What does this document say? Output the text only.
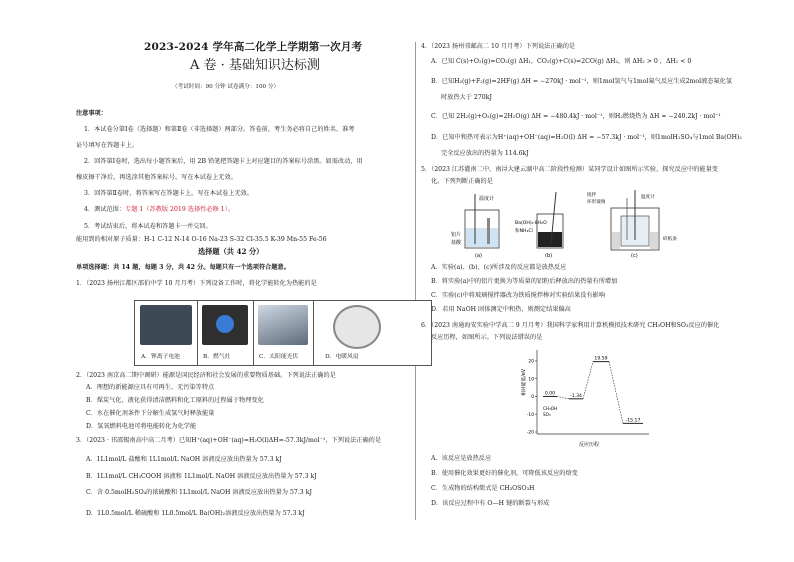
2023-2024 学年高二化学上学期第一次月考
A 卷 · 基础知识达标测
（考试时间：90 分钟 试卷满分：100 分）
注意事项：
1．本试卷分第Ⅰ卷（选择题）和第Ⅱ卷（非选择题）两部分。答卷前，考生务必将自己的姓名、准考
证号填写在答题卡上。
2．回答第Ⅰ卷时，选出每小题答案后，用 2B 铅笔把答题卡上对应题目的答案标号涂黑。如需改动，用
橡皮擦干净后，再选涂其他答案标号。写在本试卷上无效。
3．回答第Ⅱ卷时，将答案写在答题卡上。写在本试卷上无效。
4．测试范围：专题 1（苏教版 2019 选择性必修 1）。
5．考试结束后，将本试卷和答题卡一并交回。
能用到的相对原子质量：H-1 C-12 N-14 O-16 Na-23 S-32 Cl-35.5 K-39 Mn-55 Fe-56
选择题（共 42 分）
单项选择题：共 14 题，每题 3 分，共 42 分。每题只有一个选项符合题意。
1．（2023 扬州江都区邵伯中学 10 月月考）下列设备工作时，将化学能转化为热能的是
A．锂离子电池	B．燃气灶	C．太阳能光伏	D．电暖风扇
2．（2023 南京高二期中调研）能源是国民经济和社会发展的重要物质基础。下列说法正确的是
A．理想的新能源应具有可再生、无污染等特点
B．煤炭气化、液化获得清洁燃料和化工原料的过程属于物理变化
C．水在催化剂条件下分解生成氢气时释放能量
D．氢氧燃料电池可将电能转化为化学能
3．（2023 · 邗邵锡南高中高二月考）已知H⁺(aq)+OH⁻(aq)=H₂O(l)ΔH=-57.3kJ/mol⁻¹，下列说法正确的是
A．1L1mol/L 盐酸和 1L1mol/L NaOH 溶液反应放出热量为 57.3 kJ
B．1L1mol/L CH₃COOH 溶液和 1L1mol/L NaOH 溶液反应放出热量为 57.3 kJ
C．含 0.5molH₂SO₄的浓硫酸和 1L1mol/L NaOH 溶液反应放出热量为 57.3 kJ
D．1L0.5mol/L 稀硫酸和 1L0.5mol/L Ba(OH)₂溶液反应放出热量为 57.3 kJ
4．（2023 扬州邗邮高二 10 月月考）下列说法正确的是
A．已知 C(s)+O₂(g)=CO₂(g) ΔH₁，CO₂(g)+C(s)=2CO(g) ΔH₂，则 ΔH₂ > 0 ，ΔH₁ < 0
B．已知H₂(g)+F₂(g)=2HF(g) ΔH = −270kJ · mol⁻¹，则1mol氢气与1mol氟气反应生成2mol液态氟化氢
时放热大于 270kJ
C．已知 2H₂(g)+O₂(g)=2H₂O(g) ΔH = −480.4kJ · mol⁻¹，则H₂燃烧热为 ΔH = −240.2kJ · mol⁻¹
D．已知中和热可表示为H⁺(aq)+OH⁻(aq)=H₂O(l) ΔH = −57.3kJ · mol⁻¹，则1molH₂SO₄与1mol Ba(OH)₂
完全反应放出的热量为 114.6kJ
5．（2023 江苏灌南二中、南浔大建云湖中高二阶段性检测）某同学设计如图所示实验，探究反应中的能量变
化。下列判断正确的是
温度计
铝片
盐酸
(a)
Ba(OH)₂·8H₂O
和NH₄Cl
(b)
搅拌
环形玻璃
温度计
碎纸条
(c)
A．实验(a)、(b)、(c)所涉及的反应都是放热反应
B．将实验(a)中的铝片更换为等质量的铝粉后释放出的热量有所增加
C．实验(c)中将玻璃搅拌器改为铁质搅拌棒对实验结果没有影响
D．若用 NaOH 固体测定中和热，则测定结果偏高
6．（2023 南通海安实验中学高二 9 月月考）我国科学家利用计算机模拟技术研究 CH₃OH和SO₃反应的催化
反应历程，如图所示。下列说法错误的是
20
10
0
-10
-20
0.00	-1.34
19.59
-15.17
相对能量/eV
反应历程
CH₃OH
SO₃
A．该反应是放热反应
B．使用催化效果更好的催化剂，可降低该反应的焓变
C．生成物的结构简式是 CH₃OSO₃H
D．该反应过程中有 O—H 键的断裂与形成
